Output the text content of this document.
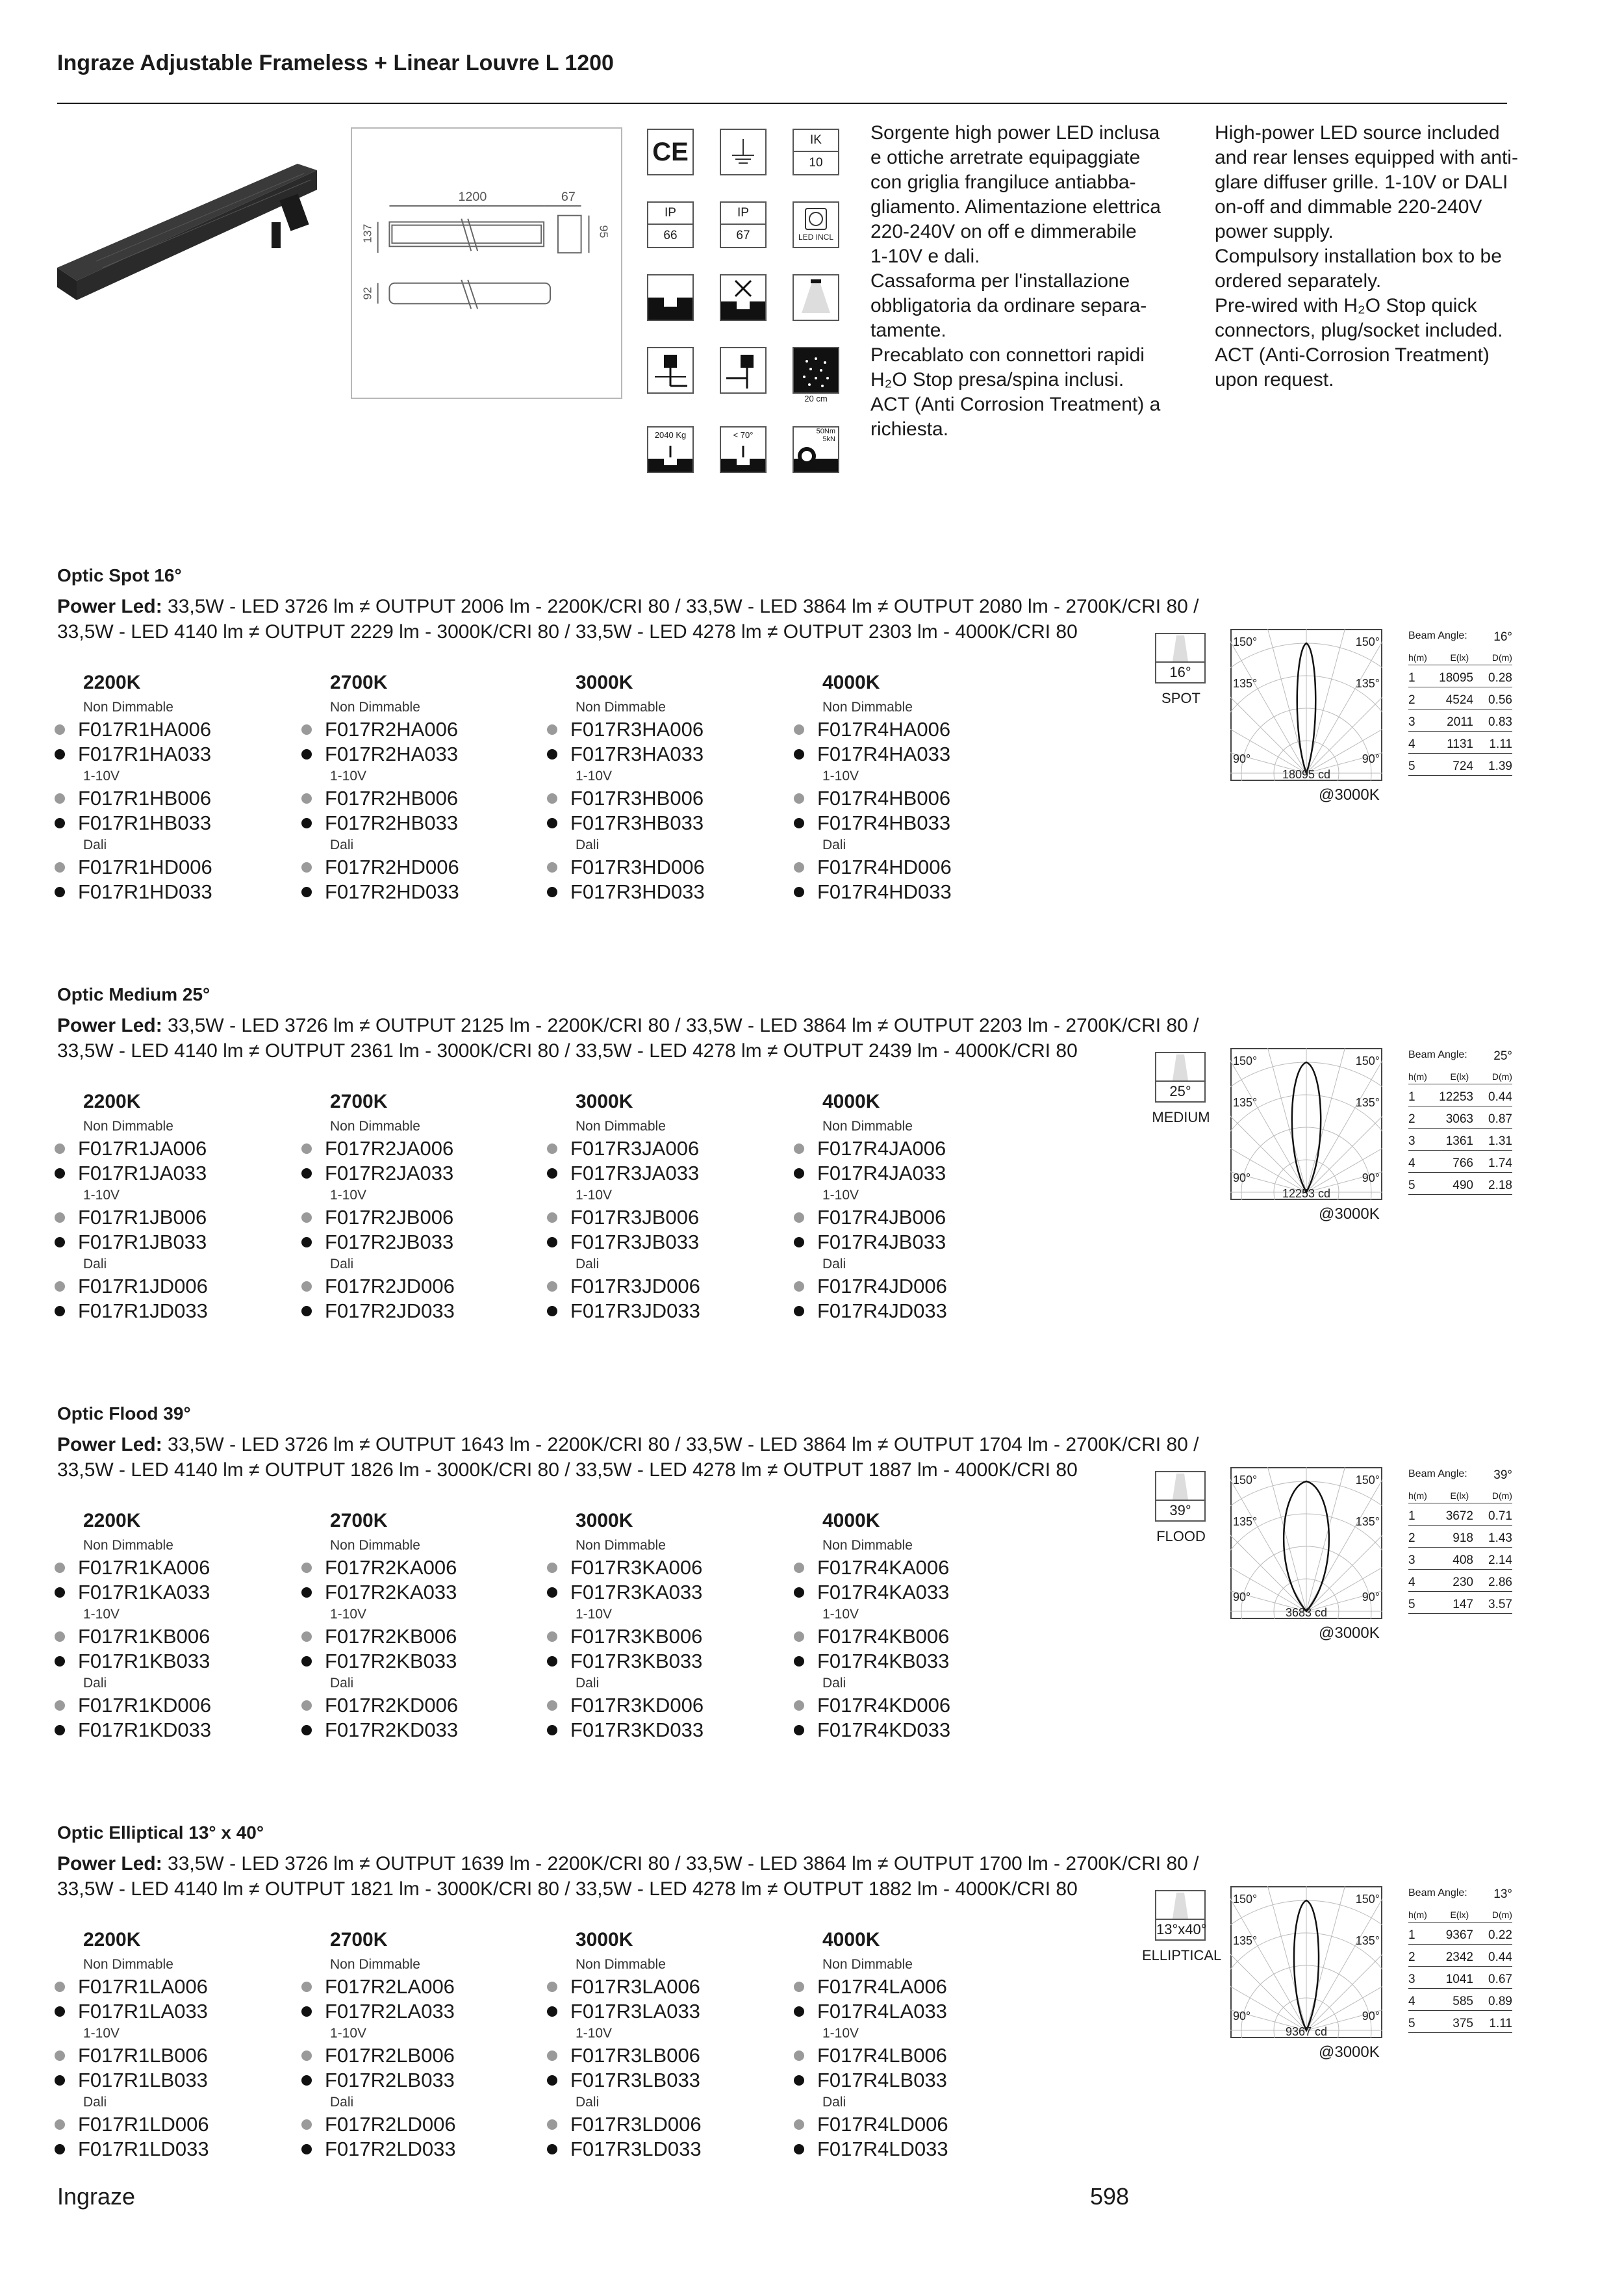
Ingraze Adjustable Frameless + Linear Louvre L 1200
1200	67
137	95
92
CE	IK
10
IP
66
IP
67	LED INCL
20 cm
2040 Kg	< 70°	50Nm
5kN
Sorgente high power LED inclusa
e ottiche arretrate equipaggiate
con griglia frangiluce antiabba-
gliamento. Alimentazione elettrica
220-240V on off e dimmerabile
1-10V e dali.
Cassaforma per l'installazione
obbligatoria da ordinare separa-
tamente.
Precablato con connettori rapidi
H₂O Stop presa/spina inclusi.
ACT (Anti Corrosion Treatment) a
richiesta.
High-power LED source included
and rear lenses equipped with anti-
glare diffuser grille. 1-10V or DALI
on-off and dimmable 220-240V
power supply.
Compulsory installation box to be
ordered separately.
Pre-wired with H₂O Stop quick
connectors, plug/socket included.
ACT (Anti-Corrosion Treatment)
upon request.
Optic Spot 16°
Power Led: 33,5W - LED 3726 lm ≠ OUTPUT 2006 lm - 2200K/CRI 80 / 33,5W - LED 3864 lm ≠ OUTPUT 2080 lm - 2700K/CRI 80 /
33,5W - LED 4140 lm ≠ OUTPUT 2229 lm - 3000K/CRI 80 / 33,5W - LED 4278 lm ≠ OUTPUT 2303 lm - 4000K/CRI 80
2200K
Non Dimmable
F017R1HA006
F017R1HA033
1-10V
F017R1HB006
F017R1HB033
Dali
F017R1HD006
F017R1HD033
2700K
Non Dimmable
F017R2HA006
F017R2HA033
1-10V
F017R2HB006
F017R2HB033
Dali
F017R2HD006
F017R2HD033
3000K
Non Dimmable
F017R3HA006
F017R3HA033
1-10V
F017R3HB006
F017R3HB033
Dali
F017R3HD006
F017R3HD033
4000K
Non Dimmable
F017R4HA006
F017R4HA033
1-10V
F017R4HB006
F017R4HB033
Dali
F017R4HD006
F017R4HD033
16°
SPOT
150°	150°
135°	135°
90°	90°
18095 cd
@3000K
Beam Angle: 16°
h(m)	E(lx)	D(m)
1	18095	0.28
2	4524	0.56
3	2011	0.83
4	1131	1.11
5	724	1.39
Optic Medium 25°
Power Led: 33,5W - LED 3726 lm ≠ OUTPUT 2125 lm - 2200K/CRI 80 / 33,5W - LED 3864 lm ≠ OUTPUT 2203 lm - 2700K/CRI 80 /
33,5W - LED 4140 lm ≠ OUTPUT 2361 lm - 3000K/CRI 80 / 33,5W - LED 4278 lm ≠ OUTPUT 2439 lm - 4000K/CRI 80
2200K
Non Dimmable
F017R1JA006
F017R1JA033
1-10V
F017R1JB006
F017R1JB033
Dali
F017R1JD006
F017R1JD033
2700K
Non Dimmable
F017R2JA006
F017R2JA033
1-10V
F017R2JB006
F017R2JB033
Dali
F017R2JD006
F017R2JD033
3000K
Non Dimmable
F017R3JA006
F017R3JA033
1-10V
F017R3JB006
F017R3JB033
Dali
F017R3JD006
F017R3JD033
4000K
Non Dimmable
F017R4JA006
F017R4JA033
1-10V
F017R4JB006
F017R4JB033
Dali
F017R4JD006
F017R4JD033
25°
MEDIUM
150°	150°
135°	135°
90°	90°
12253 cd
@3000K
Beam Angle: 25°
h(m)	E(lx)	D(m)
1	12253	0.44
2	3063	0.87
3	1361	1.31
4	766	1.74
5	490	2.18
Optic Flood 39°
Power Led: 33,5W - LED 3726 lm ≠ OUTPUT 1643 lm - 2200K/CRI 80 / 33,5W - LED 3864 lm ≠ OUTPUT 1704 lm - 2700K/CRI 80 /
33,5W - LED 4140 lm ≠ OUTPUT 1826 lm - 3000K/CRI 80 / 33,5W - LED 4278 lm ≠ OUTPUT 1887 lm - 4000K/CRI 80
2200K
Non Dimmable
F017R1KA006
F017R1KA033
1-10V
F017R1KB006
F017R1KB033
Dali
F017R1KD006
F017R1KD033
2700K
Non Dimmable
F017R2KA006
F017R2KA033
1-10V
F017R2KB006
F017R2KB033
Dali
F017R2KD006
F017R2KD033
3000K
Non Dimmable
F017R3KA006
F017R3KA033
1-10V
F017R3KB006
F017R3KB033
Dali
F017R3KD006
F017R3KD033
4000K
Non Dimmable
F017R4KA006
F017R4KA033
1-10V
F017R4KB006
F017R4KB033
Dali
F017R4KD006
F017R4KD033
39°
FLOOD
150°	150°
135°	135°
90°	90°
3683 cd
@3000K
Beam Angle: 39°
h(m)	E(lx)	D(m)
1	3672	0.71
2	918	1.43
3	408	2.14
4	230	2.86
5	147	3.57
Optic Elliptical 13° x 40°
Power Led: 33,5W - LED 3726 lm ≠ OUTPUT 1639 lm - 2200K/CRI 80 / 33,5W - LED 3864 lm ≠ OUTPUT 1700 lm - 2700K/CRI 80 /
33,5W - LED 4140 lm ≠ OUTPUT 1821 lm - 3000K/CRI 80 / 33,5W - LED 4278 lm ≠ OUTPUT 1882 lm - 4000K/CRI 80
2200K
Non Dimmable
F017R1LA006
F017R1LA033
1-10V
F017R1LB006
F017R1LB033
Dali
F017R1LD006
F017R1LD033
2700K
Non Dimmable
F017R2LA006
F017R2LA033
1-10V
F017R2LB006
F017R2LB033
Dali
F017R2LD006
F017R2LD033
3000K
Non Dimmable
F017R3LA006
F017R3LA033
1-10V
F017R3LB006
F017R3LB033
Dali
F017R3LD006
F017R3LD033
4000K
Non Dimmable
F017R4LA006
F017R4LA033
1-10V
F017R4LB006
F017R4LB033
Dali
F017R4LD006
F017R4LD033
13°x40°
ELLIPTICAL
150°	150°
135°	135°
90°	90°
9367 cd
@3000K
Beam Angle: 13°
h(m)	E(lx)	D(m)
1	9367	0.22
2	2342	0.44
3	1041	0.67
4	585	0.89
5	375	1.11
Ingraze	598
